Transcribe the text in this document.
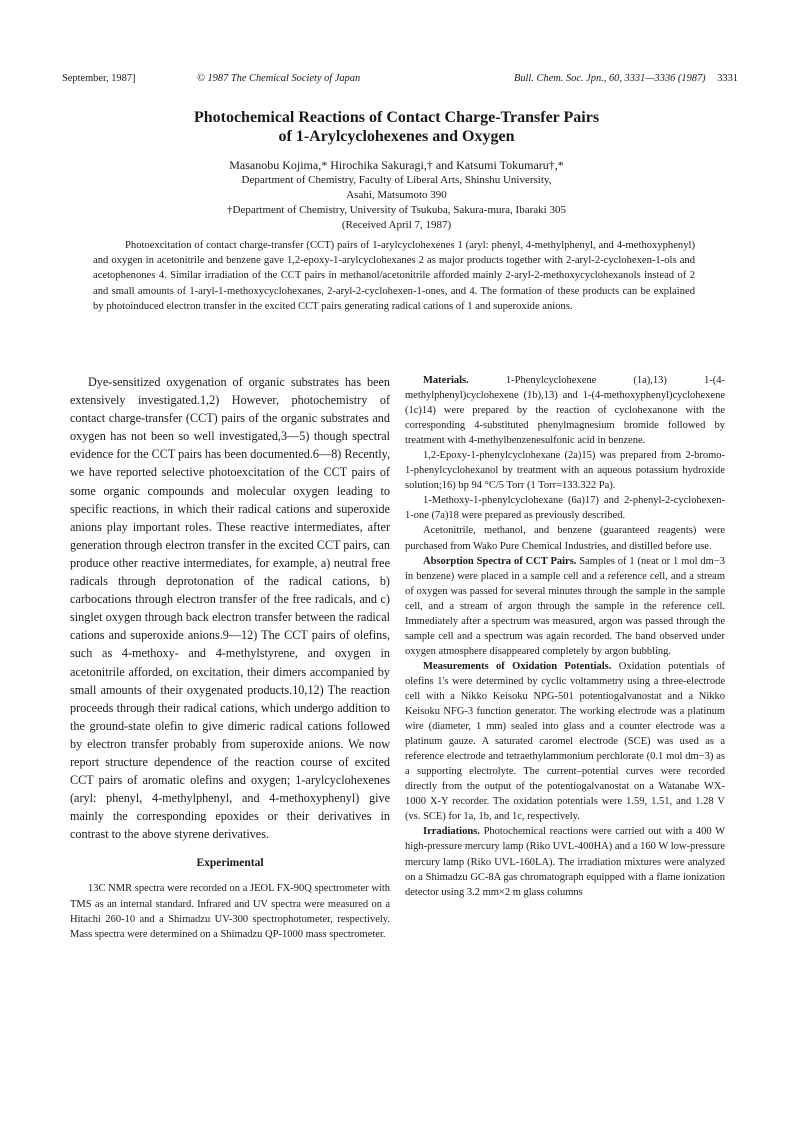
September, 1987]	© 1987 The Chemical Society of Japan	Bull. Chem. Soc. Jpn., 60, 3331—3336 (1987) 3331
Photochemical Reactions of Contact Charge-Transfer Pairs
of 1-Arylcyclohexenes and Oxygen
Masanobu Kojima,* Hirochika Sakuragi,† and Katsumi Tokumaru†,*
Department of Chemistry, Faculty of Liberal Arts, Shinshu University,
Asahi, Matsumoto 390
†Department of Chemistry, University of Tsukuba, Sakura-mura, Ibaraki 305
(Received April 7, 1987)

Photoexcitation of contact charge-transfer (CCT) pairs of 1-arylcyclohexenes 1 (aryl: phenyl, 4-methylphenyl, and 4-methoxyphenyl) and oxygen in acetonitrile and benzene gave 1,2-epoxy-1-arylcyclohexanes 2 as major products together with 2-aryl-2-cyclohexen-1-ols and acetophenones 4. Similar irradiation of the CCT pairs in methanol/acetonitrile afforded mainly 2-aryl-2-methoxycyclohexanols instead of 2 and small amounts of 1-aryl-1-methoxycyclohexanes, 2-aryl-2-cyclohexen-1-ones, and 4. The formation of these products can be explained by photoinduced electron transfer in the excited CCT pairs generating radical cations of 1 and superoxide anions.

Dye-sensitized oxygenation of organic substrates has been extensively investigated.1,2) However, photochemistry of contact charge-transfer (CCT) pairs of the organic substrates and oxygen has not been so well investigated,3—5) though spectral evidence for the CCT pairs has been documented.6—8) Recently, we have reported selective photoexcitation of the CCT pairs of some organic compounds and molecular oxygen leading to specific reactions, in which their radical cations and superoxide anions play important roles. These reactive intermediates, after generation through electron transfer in the excited CCT pairs, can produce other reactive intermediates, for example, a) neutral free radicals through deprotonation of the radical cations, b) carbocations through electron transfer of the free radicals, and c) singlet oxygen through back electron transfer between the radical cations and superoxide anions.9—12) The CCT pairs of olefins, such as 4-methoxy- and 4-methylstyrene, and oxygen in acetonitrile afforded, on excitation, their dimers accompanied by small amounts of their oxygenated products.10,12) The reaction proceeds through their radical cations, which undergo addition to the ground-state olefin to give dimeric radical cations followed by electron transfer probably from superoxide anions. We now report structure dependence of the reaction course of excited CCT pairs of aromatic olefins and oxygen; 1-arylcyclohexenes (aryl: phenyl, 4-methylphenyl, and 4-methoxyphenyl) give mainly the corresponding epoxides or their derivatives in contrast to the above styrene derivatives.

Experimental

13C NMR spectra were recorded on a JEOL FX-90Q spectrometer with TMS as an internal standard. Infrared and UV spectra were measured on a Hitachi 260-10 and a Shimadzu UV-300 spectrophotometer, respectively. Mass spectra were determined on a Shimadzu QP-1000 mass spectrometer.

Materials.	1-Phenylcyclohexene (1a),13) 1-(4-methylphenyl)cyclohexene (1b),13) and 1-(4-methoxyphenyl)cyclohexene (1c)14) were prepared by the reaction of cyclohexanone with the corresponding 4-substituted phenylmagnesium bromide followed by treatment with 4-methylbenzenesulfonic acid in benzene.

1,2-Epoxy-1-phenylcyclohexane (2a)15) was prepared from 2-bromo-1-phenylcyclohexanol by treatment with an aqueous potassium hydroxide solution;16) bp 94 °C/5 Torr (1 Torr=133.322 Pa).

1-Methoxy-1-phenylcyclohexane (6a)17) and 2-phenyl-2-cyclohexen-1-one (7a)18 were prepared as previously described.

Acetonitrile, methanol, and benzene (guaranteed reagents) were purchased from Wako Pure Chemical Industries, and distilled before use.

Absorption Spectra of CCT Pairs. Samples of 1 (neat or 1 mol dm−3 in benzene) were placed in a sample cell and a reference cell, and a stream of oxygen was passed for several minutes through the sample in the sample cell, and a stream of argon through the sample in the reference cell. Immediately after a spectrum was measured, argon was passed through the sample cell and a spectrum was again recorded. The band observed under oxygen atmosphere disappeared completely by argon bubbling.

Measurements of Oxidation Potentials. Oxidation potentials of olefins 1's were determined by cyclic voltammetry using a three-electrode cell with a Nikko Keisoku NPG-501 potentiogalvanostat and a Nikko Keisoku NFG-3 function generator. The working electrode was a platinum wire (diameter, 1 mm) sealed into glass and a counter electrode was a platinum gauze. A saturated caromel electrode (SCE) was used as a reference electrode and tetraethylammonium perchlorate (0.1 mol dm−3) as a supporting electrolyte. The current–potential curves were recorded directly from the output of the potentiogalvanostat on a Watanabe WX-1000 X-Y recorder. The oxidation potentials were 1.59, 1.51, and 1.28 V (vs. SCE) for 1a, 1b, and 1c, respectively.

Irradiations. Photochemical reactions were carried out with a 400 W high-pressure mercury lamp (Riko UVL-400HA) and a 160 W low-pressure mercury lamp (Riko UVL-160LA). The irradiation mixtures were analyzed on a Shimadzu GC-8A gas chromatograph equipped with a flame ionization detector using 3.2 mm×2 m glass columns
